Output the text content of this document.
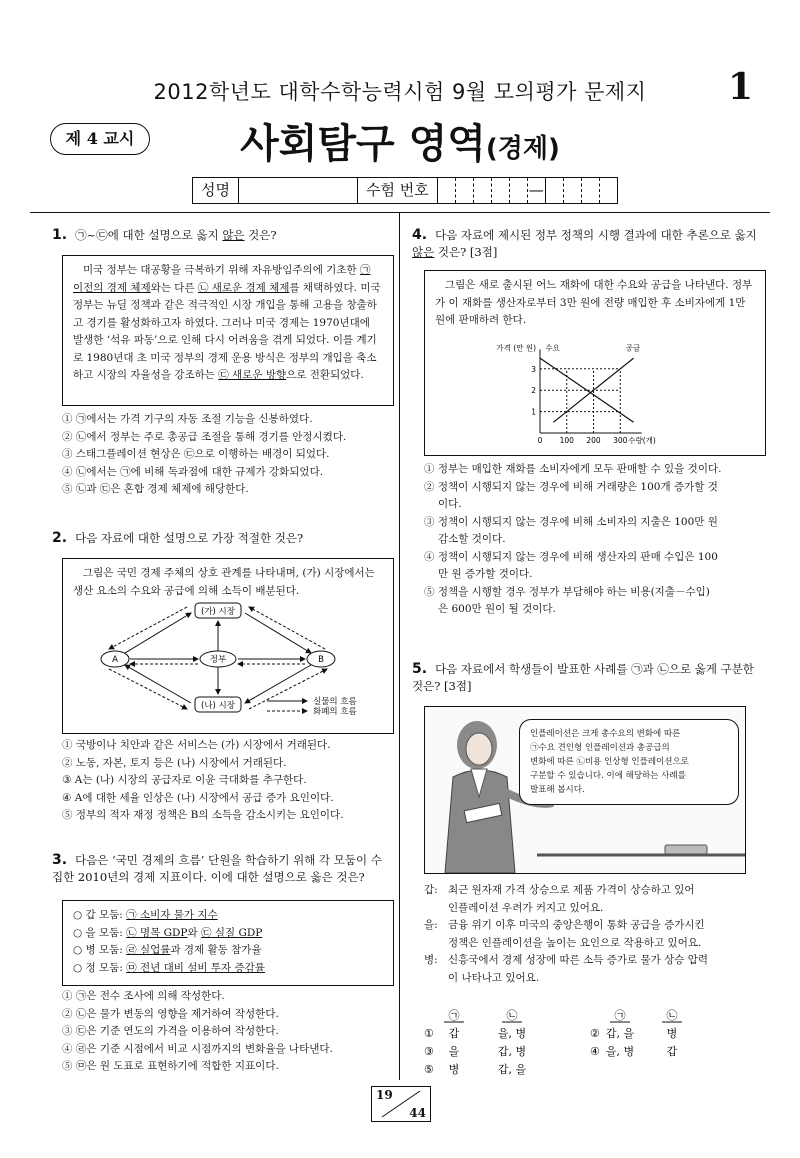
2012학년도 대학수학능력시험 9월 모의평가 문제지	1
제 4 교시	사회탐구 영역(경제)
성명	수험 번호	—
1. ㉠~㉢에 대한 설명으로 옳지 않은 것은?
미국 정부는 대공황을 극복하기 위해 자유방임주의에 기초한 ㉠ 이전의 경제 체제와는 다른 ㉡ 새로운 경제 체제를 채택하였다. 미국 정부는 뉴딜 정책과 같은 적극적인 시장 개입을 통해 고용을 창출하고 경기를 활성화하고자 하였다. 그러나 미국 경제는 1970년대에 발생한 ‘석유 파동’으로 인해 다시 어려움을 겪게 되었다. 이를 계기로 1980년대 초 미국 정부의 경제 운용 방식은 정부의 개입을 축소하고 시장의 자율성을 강조하는 ㉢ 새로운 방향으로 전환되었다.
① ㉠에서는 가격 기구의 자동 조절 기능을 신봉하였다.
② ㉡에서 정부는 주로 총공급 조절을 통해 경기를 안정시켰다.
③ 스태그플레이션 현상은 ㉢으로 이행하는 배경이 되었다.
④ ㉡에서는 ㉠에 비해 독과점에 대한 규제가 강화되었다.
⑤ ㉡과 ㉢은 혼합 경제 체제에 해당한다.
2. 다음 자료에 대한 설명으로 가장 적절한 것은?
그림은 국민 경제 주체의 상호 관계를 나타내며, (가) 시장에서는 생산 요소의 수요와 공급에 의해 소득이 배분된다.
(가) 시장
(나) 시장
A	정부	B
실물의 흐름
화폐의 흐름
① 국방이나 치안과 같은 서비스는 (가) 시장에서 거래된다.
② 노동, 자본, 토지 등은 (나) 시장에서 거래된다.
③ A는 (나) 시장의 공급자로 이윤 극대화를 추구한다.
④ A에 대한 세율 인상은 (나) 시장에서 공급 증가 요인이다.
⑤ 정부의 적자 재정 정책은 B의 소득을 감소시키는 요인이다.
3. 다음은 ‘국민 경제의 흐름’ 단원을 학습하기 위해 각 모둠이 수집한 2010년의 경제 지표이다. 이에 대한 설명으로 옳은 것은?
○ 갑 모둠: ㉠ 소비자 물가 지수
○ 을 모둠: ㉡ 명목 GDP와 ㉢ 실질 GDP
○ 병 모둠: ㉣ 실업률과 경제 활동 참가율
○ 정 모둠: ㉤ 전년 대비 설비 투자 증감률
① ㉠은 전수 조사에 의해 작성한다.
② ㉡은 물가 변동의 영향을 제거하여 작성한다.
③ ㉢은 기준 연도의 가격을 이용하여 작성한다.
④ ㉣은 기준 시점에서 비교 시점까지의 변화율을 나타낸다.
⑤ ㉤은 원 도표로 표현하기에 적합한 지표이다.
4. 다음 자료에 제시된 정부 정책의 시행 결과에 대한 추론으로 옳지 않은 것은? [3점]
그림은 새로 출시된 어느 재화에 대한 수요와 공급을 나타낸다. 정부가 이 재화를 생산자로부터 3만 원에 전량 매입한 후 소비자에게 1만 원에 판매하려 한다.
0 100 200 300
1
2
3
가격 (만 원)
수량(개)
수요	공급
① 정부는 매입한 재화를 소비자에게 모두 판매할 수 있을 것이다.
② 정책이 시행되지 않는 경우에 비해 거래량은 100개 증가할 것
이다.
③ 정책이 시행되지 않는 경우에 비해 소비자의 지출은 100만 원
감소할 것이다.
④ 정책이 시행되지 않는 경우에 비해 생산자의 판매 수입은 100
만 원 증가할 것이다.
⑤ 정책을 시행할 경우 정부가 부담해야 하는 비용(지출－수입)
은 600만 원이 될 것이다.
5. 다음 자료에서 학생들이 발표한 사례를 ㉠과 ㉡으로 옳게 구분한 것은? [3점]
인플레이션은 크게 총수요의 변화에 따른
㉠수요 견인형 인플레이션과 총공급의
변화에 따른 ㉡비용 인상형 인플레이션으로
구분할 수 있습니다. 이에 해당하는 사례를
발표해 봅시다.
갑: 최근 원자재 가격 상승으로 제품 가격이 상승하고 있어
인플레이션 우려가 커지고 있어요.
을: 금융 위기 이후 미국의 중앙은행이 통화 공급을 증가시킨
정책은 인플레이션을 높이는 요인으로 작용하고 있어요.
병: 신흥국에서 경제 성장에 따른 소득 증가로 물가 상승 압력
이 나타나고 있어요.
㉠	㉡	㉠	㉡
① 갑	을, 병	② 갑, 을	병
③ 을	갑, 병	④ 을, 병	갑
⑤ 병	갑, 을
19
44
